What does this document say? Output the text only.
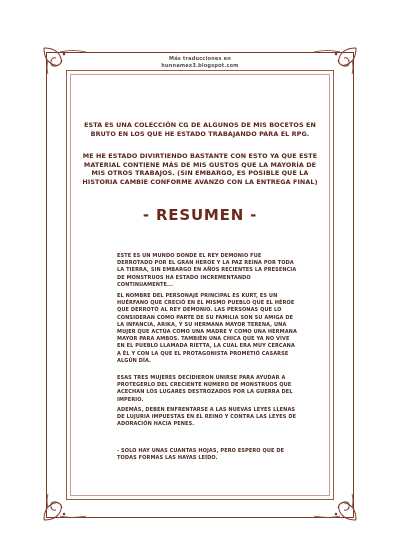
Más traducciones en
hunnamex3.blogspot.com
ESTA ES UNA COLECCIÓN CG DE ALGUNOS DE MIS BOCETOS EN BRUTO EN LOS QUE HE ESTADO TRABAJANDO PARA EL RPG.
ME HE ESTADO DIVIRTIENDO BASTANTE CON ESTO YA QUE ESTE MATERIAL CONTIENE MÁS DE MIS GUSTOS QUE LA MAYORÍA DE MIS OTROS TRABAJOS. (SIN EMBARGO, ES POSIBLE QUE LA HISTORIA CAMBIE CONFORME AVANZO CON LA ENTREGA FINAL)
- RESUMEN -
ESTE ES UN MUNDO DONDE EL REY DEMONIO FUE DERROTADO POR EL GRAN HEROE Y LA PAZ REINA POR TODA LA TIERRA, SIN EMBARGO EN AÑOS RECIENTES LA PRESENCIA DE MONSTRUOS HA ESTADO INCREMENTANDO CONTINUAMENTE...
EL NOMBRE DEL PERSONAJE PRINCIPAL ES KURT, ES UN HUÉRFANO QUE CRECIÓ EN EL MISMO PUEBLO QUE EL HÉROE QUE DERROTÓ AL REY DEMONIO. LAS PERSONAS QUE LO CONSIDERAN COMO PARTE DE SU FAMILIA SON SU AMIGA DE LA INFANCIA, ARIKA, Y SU HERMANA MAYOR TERENA, UNA MUJER QUE ACTÚA COMO UNA MADRE Y COMO UNA HERMANA MAYOR PARA AMBOS. TAMBIÉN UNA CHICA QUE YA NO VIVE EN EL PUEBLO LLAMADA RIETTA, LA CUAL ERA MUY CERCANA A ÉL Y CON LA QUE EL PROTAGONISTA PROMETIÓ CASARSE ALGÚN DÍA.
ESAS TRES MUJERES DECIDIERON UNIRSE PARA AYUDAR A PROTEGERLO DEL CRECIENTE NÚMERO DE MONSTRUOS QUE ACECHAN LOS LUGARES DESTROZADOS POR LA GUERRA DEL IMPERIO.
ADEMÁS, DEBEN ENFRENTARSE A LAS NUEVAS LEYES LLENAS DE LUJURIA IMPUESTAS EN EL REINO Y CONTRA LAS LEYES DE ADORACIÓN HACIA PENES.
- SOLO HAY UNAS CUANTAS HOJAS, PERO ESPERO QUE DE TODAS FORMAS LAS HAYAS LEÍDO.
